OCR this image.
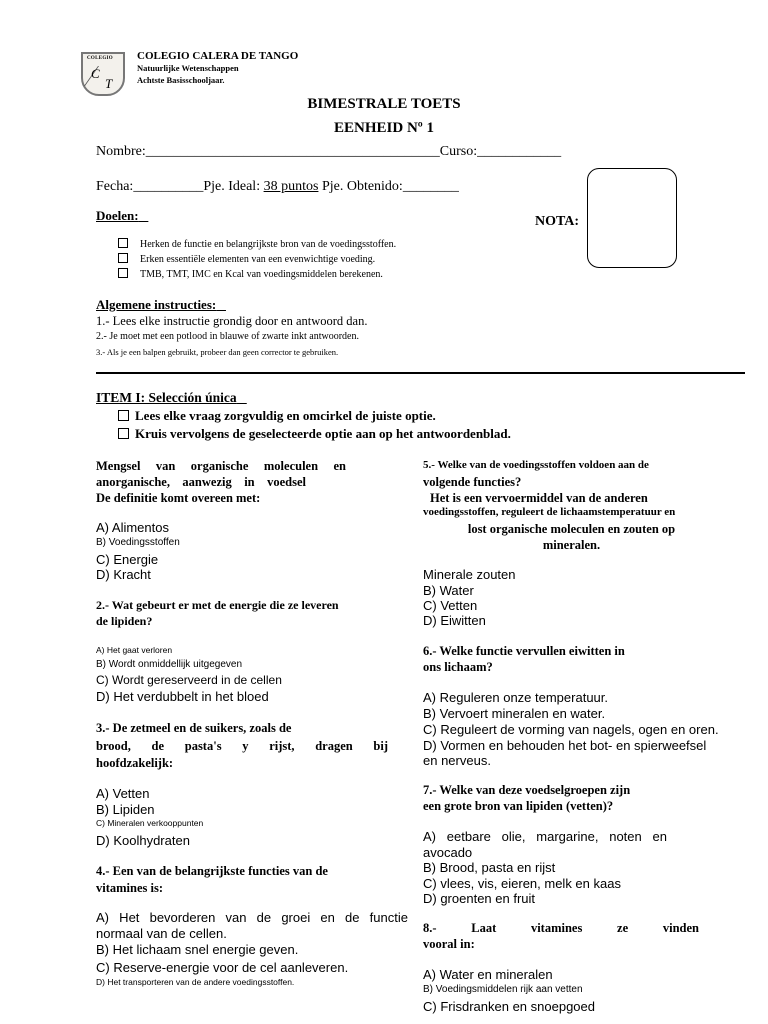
COLEGIO
C
T
COLEGIO CALERA DE TANGO
Natuurlijke Wetenschappen
Achtste Basisschooljaar.
BIMESTRALE TOETS
EENHEID Nº 1
Nombre:__________________________________________Curso:____________
Fecha:__________Pje. Ideal: 38 puntos Pje. Obtenido:________
NOTA:
Doelen:
Herken de functie en belangrijkste bron van de voedingsstoffen.
Erken essentiële elementen van een evenwichtige voeding.
TMB, TMT, IMC en Kcal van voedingsmiddelen berekenen.
Algemene instructies:
1.- Lees elke instructie grondig door en antwoord dan.
2.- Je moet met een potlood in blauwe of zwarte inkt antwoorden.
3.- Als je een balpen gebruikt, probeer dan geen corrector te gebruiken.
ITEM I: Selección única
Lees elke vraag zorgvuldig en omcirkel de juiste optie.
Kruis vervolgens de geselecteerde optie aan op het antwoordenblad.
Mengsel van organische moleculen en
anorganische, aanwezig in voedsel
De definitie komt overeen met:
A) Alimentos
B) Voedingsstoffen
C) Energie
D) Kracht
2.- Wat gebeurt er met de energie die ze leveren
de lipiden?
A) Het gaat verloren
B) Wordt onmiddellijk uitgegeven
C) Wordt gereserveerd in de cellen
D) Het verdubbelt in het bloed
3.- De zetmeel en de suikers, zoals de
brood, de pasta's y rijst, dragen bij
hoofdzakelijk:
A) Vetten
B) Lipiden
C) Mineralen verkooppunten
D) Koolhydraten
4.- Een van de belangrijkste functies van de
vitamines is:
A) Het bevorderen van de groei en de functie
normaal van de cellen.
B) Het lichaam snel energie geven.
C) Reserve-energie voor de cel aanleveren.
D) Het transporteren van de andere voedingsstoffen.
5.- Welke van de voedingsstoffen voldoen aan de
volgende functies?
Het is een vervoermiddel van de anderen
voedingsstoffen, reguleert de lichaamstemperatuur en
lost organische moleculen en zouten op
mineralen.
Minerale zouten
B) Water
C) Vetten
D) Eiwitten
6.- Welke functie vervullen eiwitten in
ons lichaam?
A) Reguleren onze temperatuur.
B) Vervoert mineralen en water.
C) Reguleert de vorming van nagels, ogen en oren.
D) Vormen en behouden het bot- en spierweefsel
en nerveus.
7.- Welke van deze voedselgroepen zijn
een grote bron van lipiden (vetten)?
A) eetbare olie, margarine, noten en
avocado
B) Brood, pasta en rijst
C) vlees, vis, eieren, melk en kaas
D) groenten en fruit
8.- Laat vitamines ze vinden
vooral in:
A) Water en mineralen
B) Voedingsmiddelen rijk aan vetten
C) Frisdranken en snoepgoed
